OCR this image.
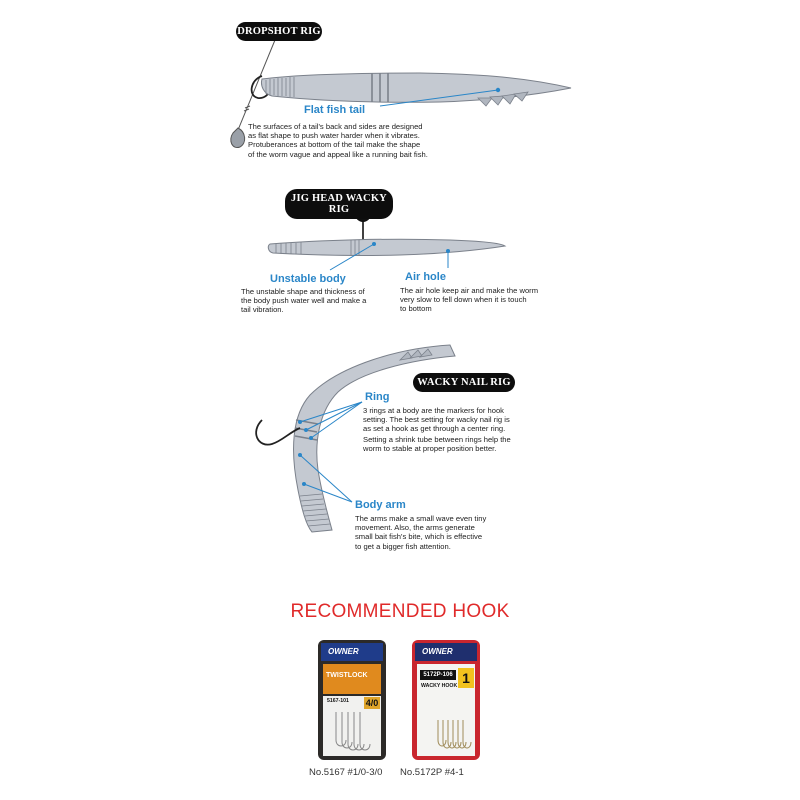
DROPSHOT RIG
JIG HEAD WACKY RIG
WACKY NAIL RIG
Flat fish tail
The surfaces of a tail's back and sides are designed
as flat shape to push water harder when it vibrates.
Protuberances at bottom of the tail make the shape
of the worm vague and appeal like a running bait fish.
Unstable body
The unstable shape and thickness of
the body push water well and make a
tail vibration.
Air hole
The air hole keep air and make the worm
very slow to fell down when it is touch
to bottom
Ring
3 rings at a body are the markers for hook
setting. The best setting for wacky nail rig is
as set a hook as get through a center ring.
Setting a shrink tube between rings help the
worm to stable at proper position better.
Body arm
The arms make a small wave even tiny
movement. Also, the arms generate
small bait fish's bite, which is effective
to get a bigger fish attention.
RECOMMENDED HOOK
OWNER
TWISTLOCK
5167-101 4/0
OWNER
5172P-106
WACKY HOOK 1
No.5167 #1/0-3/0 No.5172P #4-1
